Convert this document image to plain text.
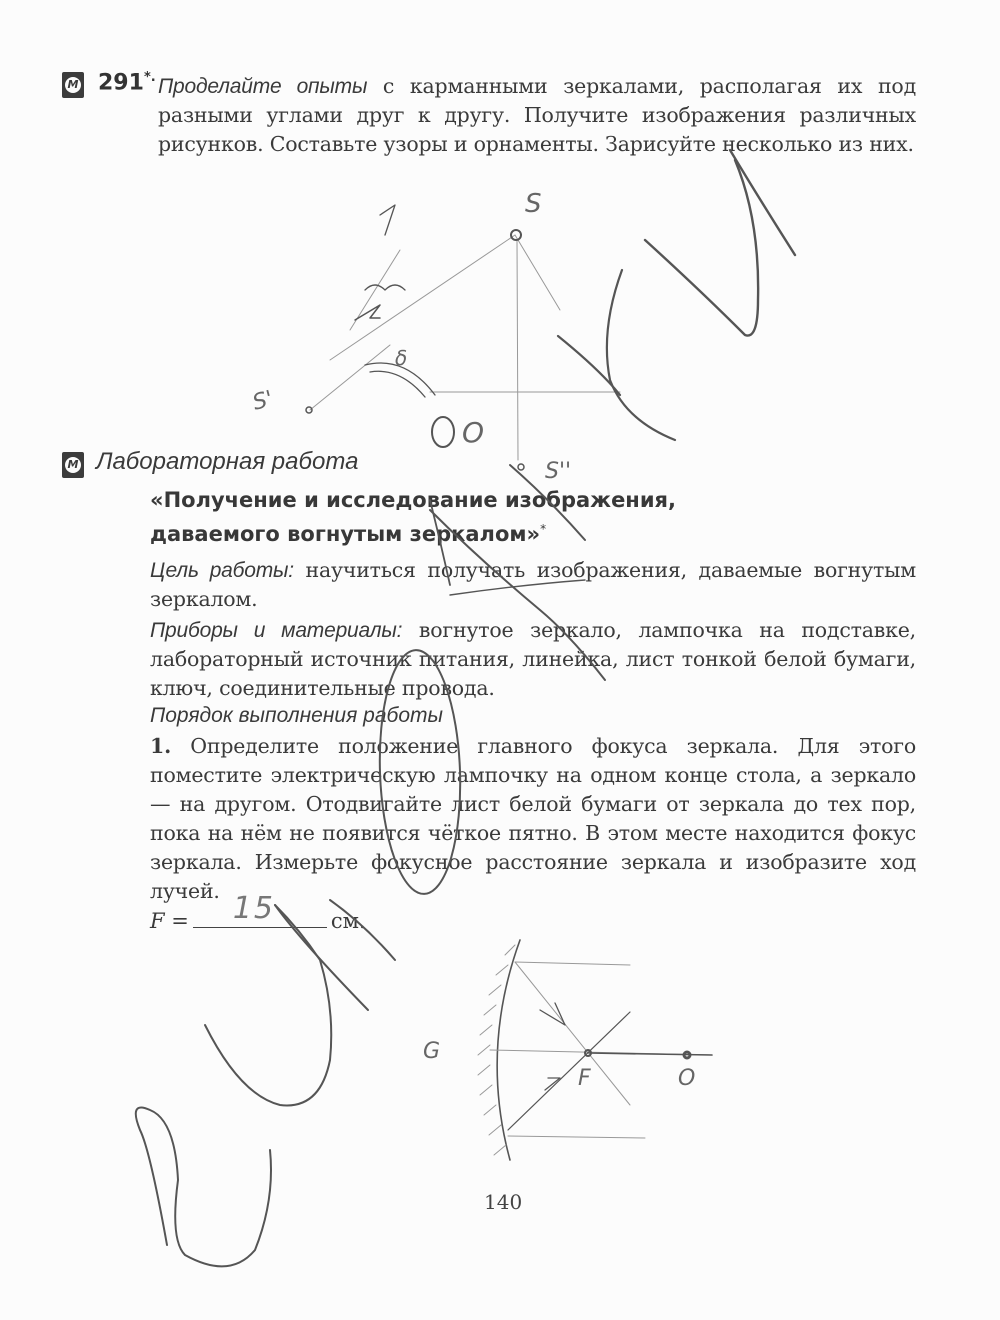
M 291*. Проделайте опыты с карманными зеркалами, располагая их под разными углами друг к другу. Получите изображения различных рисунков. Составьте узоры и орнаменты. Зарисуйте несколько из них.
M Лабораторная работа
«Получение и исследование изображения,
даваемого вогнутым зеркалом»*
Цель работы: научиться получать изображения, даваемые вогнутым зеркалом.
Приборы и материалы: вогнутое зеркало, лампочка на подставке, лабораторный источник питания, линейка, лист тонкой белой бумаги, ключ, соединительные провода.
Порядок выполнения работы
1. Определите положение главного фокуса зеркала. Для этого поместите электрическую лампочку на одном конце стола, а зеркало — на другом. Отодвигайте лист белой бумаги от зеркала до тех пор, пока на нём не появится чёткое пятно. В этом месте находится фокус зеркала. Измерьте фокусное расстояние зеркала и изобразите ход лучей.
F = 15	см.
140
S
S'
S''
δ
O
G
F	O
